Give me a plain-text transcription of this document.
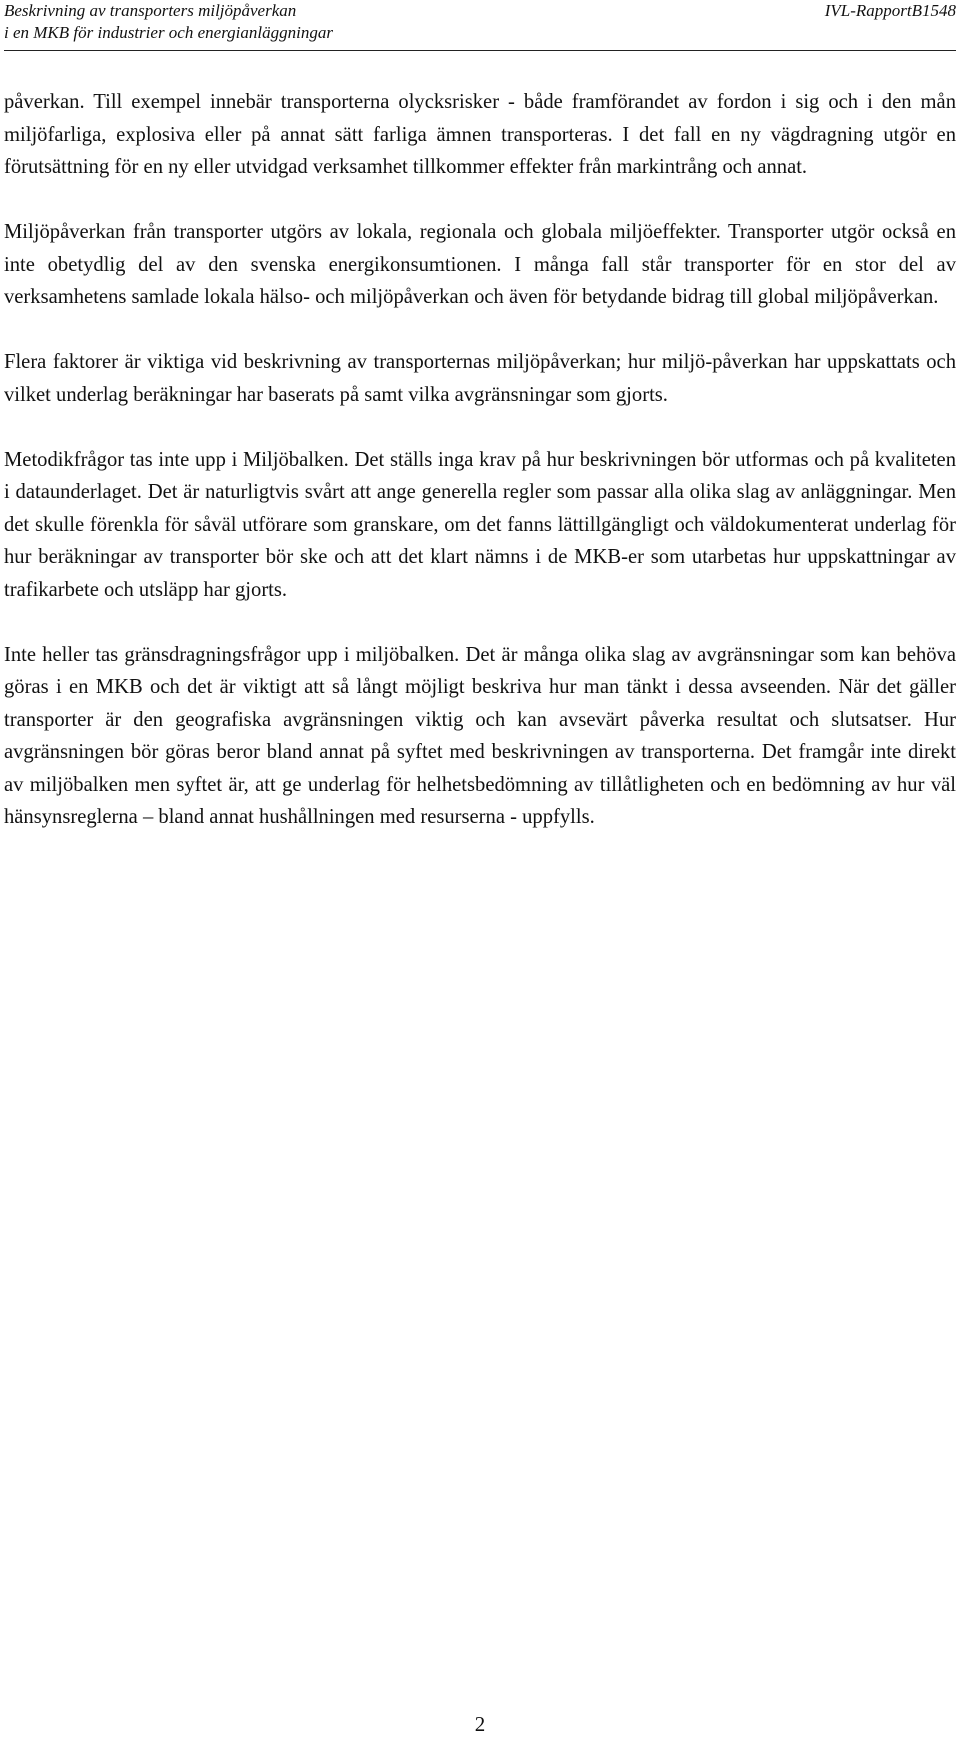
Beskrivning av transporters miljöpåverkan
i en MKB för industrier och energianläggningar
IVL-RapportB1548

påverkan. Till exempel innebär transporterna olycksrisker - både framförandet av fordon i sig och i den mån miljöfarliga, explosiva eller på annat sätt farliga ämnen transporteras. I det fall en ny vägdragning utgör en förutsättning för en ny eller utvidgad verksamhet tillkommer effekter från markintrång och annat.

Miljöpåverkan från transporter utgörs av lokala, regionala och globala miljöeffekter. Transporter utgör också en inte obetydlig del av den svenska energikonsumtionen. I många fall står transporter för en stor del av verksamhetens samlade lokala hälso- och miljöpåverkan och även för betydande bidrag till global miljöpåverkan.

Flera faktorer är viktiga vid beskrivning av transporternas miljöpåverkan; hur miljö-påverkan har uppskattats och vilket underlag beräkningar har baserats på samt vilka avgränsningar som gjorts.

Metodikfrågor tas inte upp i Miljöbalken. Det ställs inga krav på hur beskrivningen bör utformas och på kvaliteten i dataunderlaget. Det är naturligtvis svårt att ange generella regler som passar alla olika slag av anläggningar. Men det skulle förenkla för såväl utförare som granskare, om det fanns lättillgängligt och väldokumenterat underlag för hur beräkningar av transporter bör ske och att det klart nämns i de MKB-er som utarbetas hur uppskattningar av trafikarbete och utsläpp har gjorts.

Inte heller tas gränsdragningsfrågor upp i miljöbalken. Det är många olika slag av avgränsningar som kan behöva göras i en MKB och det är viktigt att så långt möjligt beskriva hur man tänkt i dessa avseenden. När det gäller transporter är den geografiska avgränsningen viktig och kan avsevärt påverka resultat och slutsatser. Hur avgränsningen bör göras beror bland annat på syftet med beskrivningen av transporterna. Det framgår inte direkt av miljöbalken men syftet är, att ge underlag för helhetsbedömning av tillåtligheten och en bedömning av hur väl hänsynsreglerna – bland annat hushållningen med resurserna - uppfylls.

2
